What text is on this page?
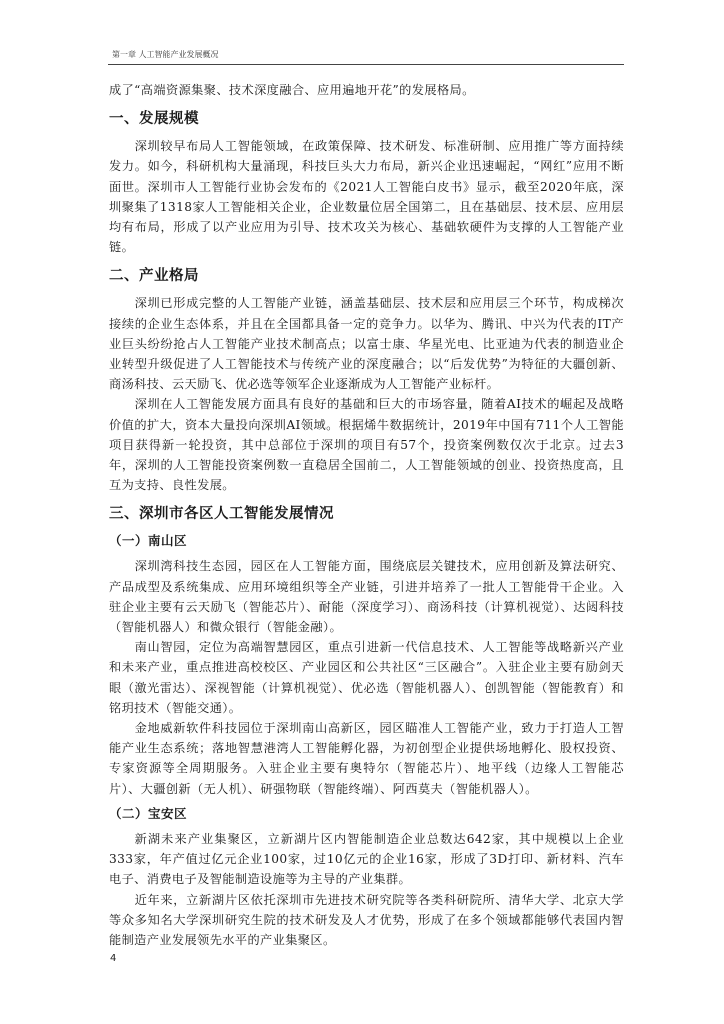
第一章 人工智能产业发展概况

成了“高端资源集聚、技术深度融合、应用遍地开花”的发展格局。

一、发展规模

深圳较早布局人工智能领域，在政策保障、技术研发、标准研制、应用推广等方面持续发力。如今，科研机构大量涌现，科技巨头大力布局，新兴企业迅速崛起，“网红”应用不断面世。深圳市人工智能行业协会发布的《2021人工智能白皮书》显示，截至2020年底，深圳聚集了1318家人工智能相关企业，企业数量位居全国第二，且在基础层、技术层、应用层均有布局，形成了以产业应用为引导、技术攻关为核心、基础软硬件为支撑的人工智能产业链。

二、产业格局

深圳已形成完整的人工智能产业链，涵盖基础层、技术层和应用层三个环节，构成梯次接续的企业生态体系，并且在全国都具备一定的竞争力。以华为、腾讯、中兴为代表的IT产业巨头纷纷抢占人工智能产业技术制高点；以富士康、华星光电、比亚迪为代表的制造业企业转型升级促进了人工智能技术与传统产业的深度融合；以“后发优势”为特征的大疆创新、商汤科技、云天励飞、优必选等领军企业逐渐成为人工智能产业标杆。

深圳在人工智能发展方面具有良好的基础和巨大的市场容量，随着AI技术的崛起及战略价值的扩大，资本大量投向深圳AI领域。根据烯牛数据统计，2019年中国有711个人工智能项目获得新一轮投资，其中总部位于深圳的项目有57个，投资案例数仅次于北京。过去3年，深圳的人工智能投资案例数一直稳居全国前二，人工智能领域的创业、投资热度高，且互为支持、良性发展。

三、深圳市各区人工智能发展情况
（一）南山区

深圳湾科技生态园，园区在人工智能方面，围绕底层关键技术，应用创新及算法研究、产品成型及系统集成、应用环境组织等全产业链，引进并培养了一批人工智能骨干企业。入驻企业主要有云天励飞（智能芯片）、耐能（深度学习）、商汤科技（计算机视觉）、达闼科技（智能机器人）和微众银行（智能金融）。

南山智园，定位为高端智慧园区，重点引进新一代信息技术、人工智能等战略新兴产业和未来产业，重点推进高校校区、产业园区和公共社区“三区融合”。入驻企业主要有励剑天眼（激光雷达）、深视智能（计算机视觉）、优必选（智能机器人）、创凯智能（智能教育）和铭玥技术（智能交通）。

金地威新软件科技园位于深圳南山高新区，园区瞄准人工智能产业，致力于打造人工智能产业生态系统；落地智慧港湾人工智能孵化器，为初创型企业提供场地孵化、股权投资、专家资源等全周期服务。入驻企业主要有奥特尔（智能芯片）、地平线（边缘人工智能芯片）、大疆创新（无人机）、研强物联（智能终端）、阿西莫夫（智能机器人）。

（二）宝安区

新湖未来产业集聚区，立新湖片区内智能制造企业总数达642家，其中规模以上企业333家，年产值过亿元企业100家，过10亿元的企业16家，形成了3D打印、新材料、汽车电子、消费电子及智能制造设施等为主导的产业集群。

近年来，立新湖片区依托深圳市先进技术研究院等各类科研院所、清华大学、北京大学等众多知名大学深圳研究生院的技术研发及人才优势，形成了在多个领域都能够代表国内智能制造产业发展领先水平的产业集聚区。

4
